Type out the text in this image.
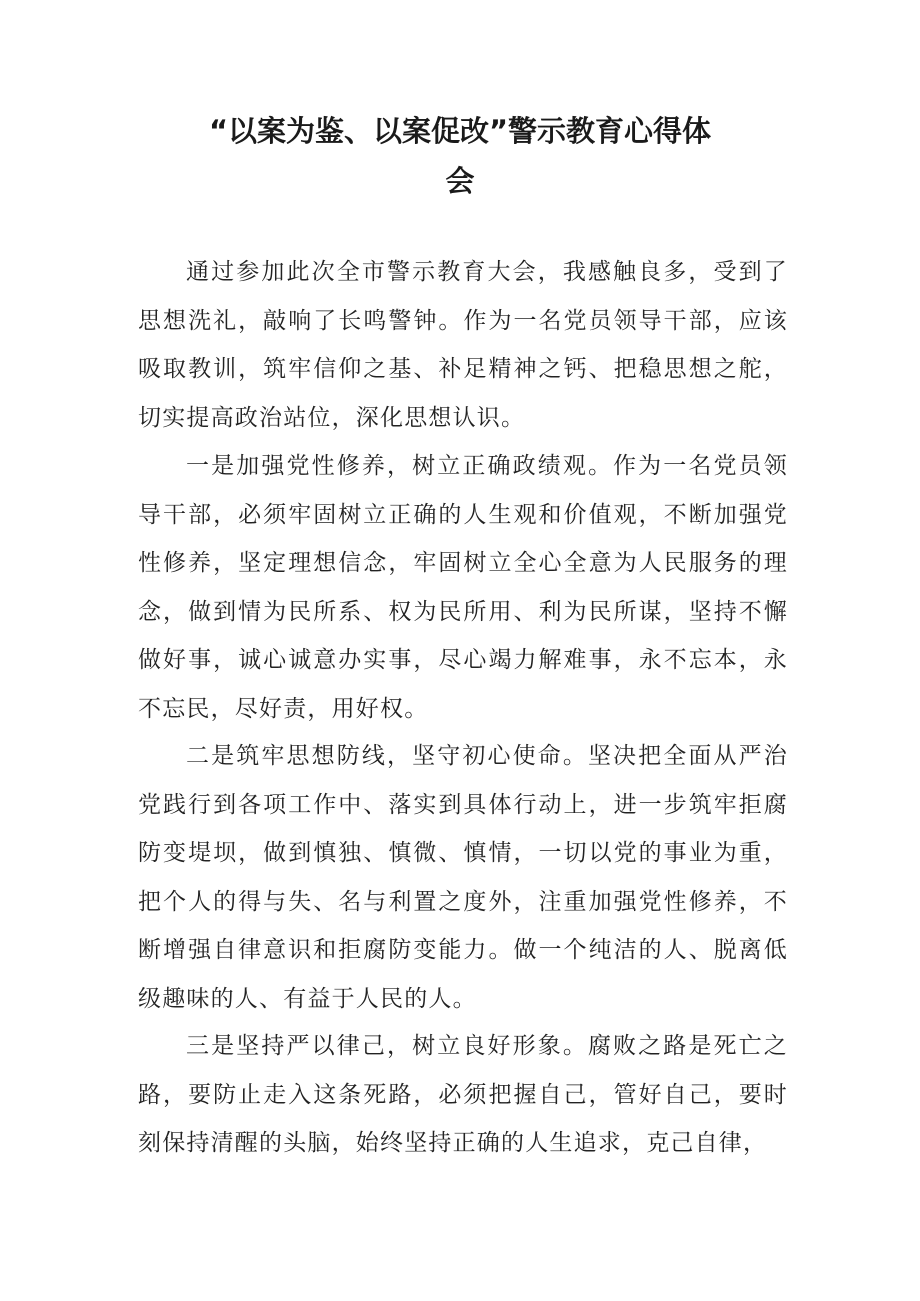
“以案为鉴、以案促改”警示教育心得体
会

通过参加此次全市警示教育大会，我感触良多，受到了思想洗礼，敲响了长鸣警钟。作为一名党员领导干部，应该吸取教训，筑牢信仰之基、补足精神之钙、把稳思想之舵，切实提高政治站位，深化思想认识。

一是加强党性修养，树立正确政绩观。作为一名党员领导干部，必须牢固树立正确的人生观和价值观，不断加强党性修养，坚定理想信念，牢固树立全心全意为人民服务的理念，做到情为民所系、权为民所用、利为民所谋，坚持不懈做好事，诚心诚意办实事，尽心竭力解难事，永不忘本，永不忘民，尽好责，用好权。

二是筑牢思想防线，坚守初心使命。坚决把全面从严治党践行到各项工作中、落实到具体行动上，进一步筑牢拒腐防变堤坝，做到慎独、慎微、慎情，一切以党的事业为重，把个人的得与失、名与利置之度外，注重加强党性修养，不断增强自律意识和拒腐防变能力。做一个纯洁的人、脱离低级趣味的人、有益于人民的人。

三是坚持严以律己，树立良好形象。腐败之路是死亡之路，要防止走入这条死路，必须把握自己，管好自己，要时刻保持清醒的头脑，始终坚持正确的人生追求，克己自律，
